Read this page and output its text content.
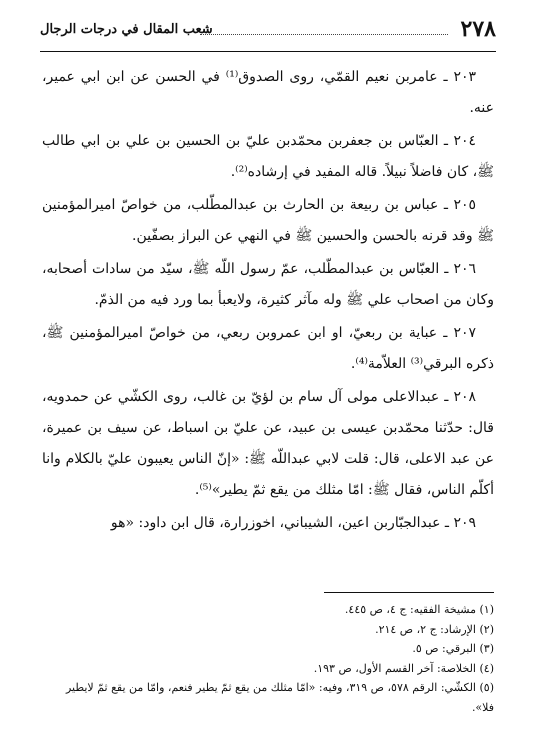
٢٧٨
شعب المقال في درجات الرجال

٢٠٣ ـ عامربن نعيم القمّي، روى الصدوق⁽¹⁾ في الحسن عن ابن ابي عمير، عنه.

٢٠٤ ـ العبّاس بن جعفربن محمّدبن عليّ بن الحسين بن علي بن ابي طالب ﷺ، كان فاضلاً نبيلاً. قاله المفيد في إرشاده⁽²⁾.

٢٠٥ ـ عباس بن ربيعة بن الحارث بن عبدالمطّلب، من خواصّ اميرالمؤمنين ﷺ وقد قرنه بالحسن والحسين ﷺ في النهي عن البراز بصفّين.

٢٠٦ ـ العبّاس بن عبدالمطّلب، عمّ رسول اللّه ﷺ، سيّد من سادات أصحابه، وكان من اصحاب علي ﷺ وله مآثر كثيرة، ولايعبأ بما ورد فيه من الذمّ.

٢٠٧ ـ عباية بن ربعيّ، او ابن عمروبن ربعي، من خواصّ اميرالمؤمنين ﷺ، ذكره البرقي⁽³⁾ العلاّمة⁽⁴⁾.

٢٠٨ ـ عبدالاعلى مولى آل سام بن لؤيّ بن غالب، روى الكشّي عن حمدويه، قال: حدّثنا محمّدبن عيسى بن عبيد، عن عليّ بن اسباط، عن سيف بن عميرة، عن عبد الاعلى، قال: قلت لابي عبداللّه ﷺ: «إنّ الناس يعيبون عليّ بالكلام وانا أكلّم الناس، فقال ﷺ: امّا مثلك من يقع ثمّ يطير»⁽⁵⁾.

٢٠٩ ـ عبدالجبّاربن اعين، الشيباني، اخوزرارة، قال ابن داود: «هو

(١) مشيخة الفقيه: ج ٤، ص ٤٤٥.

(٢) الإرشاد: ج ٢، ص ٢١٤.

(٣) البرقي: ص ٥.

(٤) الخلاصة: آخر القسم الأول، ص ١٩٣.

(٥) الكشّي: الرقم ٥٧٨، ص ٣١٩، وفيه: «امّا مثلك من يقع ثمّ يطير فنعم، وامّا من يقع ثمّ لايطير فلا».
